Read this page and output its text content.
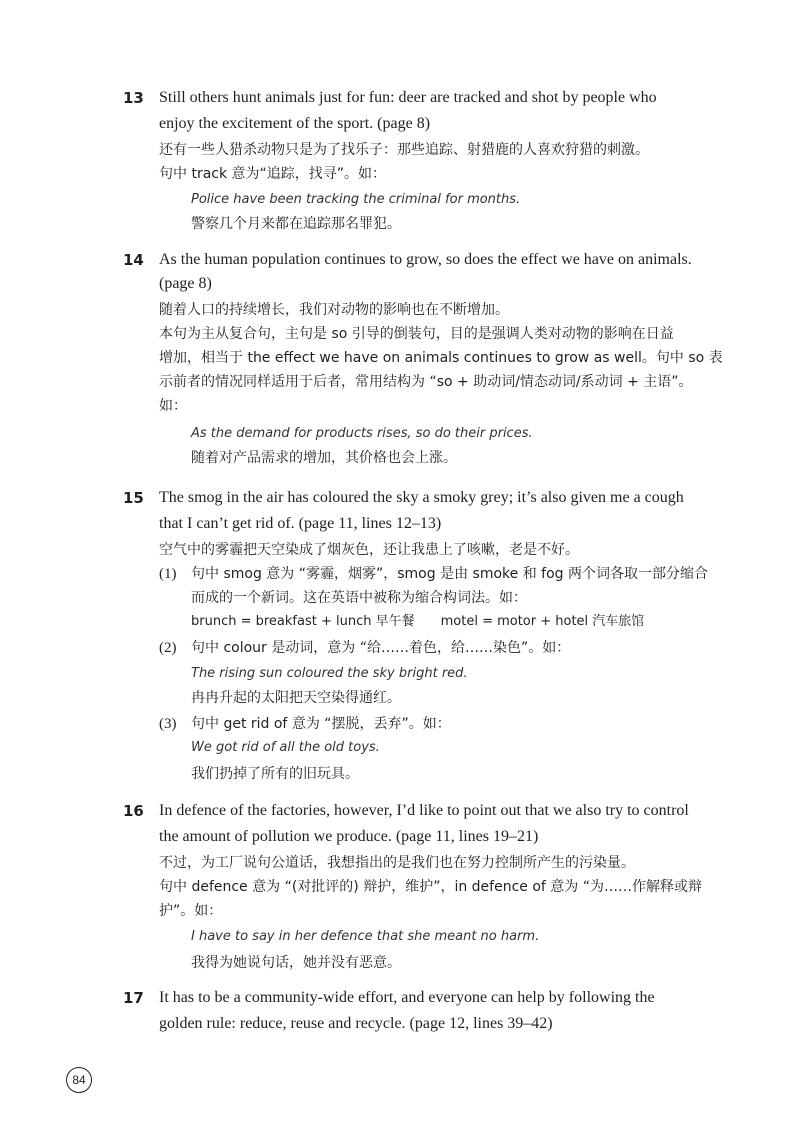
13 Still others hunt animals just for fun: deer are tracked and shot by people who
enjoy the excitement of the sport. (page 8)
还有一些人猎杀动物只是为了找乐子：那些追踪、射猎鹿的人喜欢狩猎的刺激。
句中 track 意为“追踪，找寻”。如：
Police have been tracking the criminal for months.
警察几个月来都在追踪那名罪犯。
14 As the human population continues to grow, so does the effect we have on animals.
(page 8)
随着人口的持续增长，我们对动物的影响也在不断增加。
本句为主从复合句，主句是 so 引导的倒装句，目的是强调人类对动物的影响在日益
增加，相当于 the effect we have on animals continues to grow as well。句中 so 表
示前者的情况同样适用于后者，常用结构为 “so + 助动词/情态动词/系动词 + 主语”。
如：
As the demand for products rises, so do their prices.
随着对产品需求的增加，其价格也会上涨。
15 The smog in the air has coloured the sky a smoky grey; it’s also given me a cough
that I can’t get rid of. (page 11, lines 12–13)
空气中的雾霾把天空染成了烟灰色，还让我患上了咳嗽，老是不好。
(1) 句中 smog 意为 “雾霾，烟雾”，smog 是由 smoke 和 fog 两个词各取一部分缩合
而成的一个新词。这在英语中被称为缩合构词法。如：
brunch = breakfast + lunch 早午餐 motel = motor + hotel 汽车旅馆
(2) 句中 colour 是动词，意为 “给……着色，给……染色”。如：
The rising sun coloured the sky bright red.
冉冉升起的太阳把天空染得通红。
(3) 句中 get rid of 意为 “摆脱，丢弃”。如：
We got rid of all the old toys.
我们扔掉了所有的旧玩具。
16 In defence of the factories, however, I’d like to point out that we also try to control
the amount of pollution we produce. (page 11, lines 19–21)
不过，为工厂说句公道话，我想指出的是我们也在努力控制所产生的污染量。
句中 defence 意为 “(对批评的) 辩护，维护”，in defence of 意为 “为……作解释或辩
护”。如：
I have to say in her defence that she meant no harm.
我得为她说句话，她并没有恶意。
17 It has to be a community-wide effort, and everyone can help by following the
golden rule: reduce, reuse and recycle. (page 12, lines 39–42)
84
